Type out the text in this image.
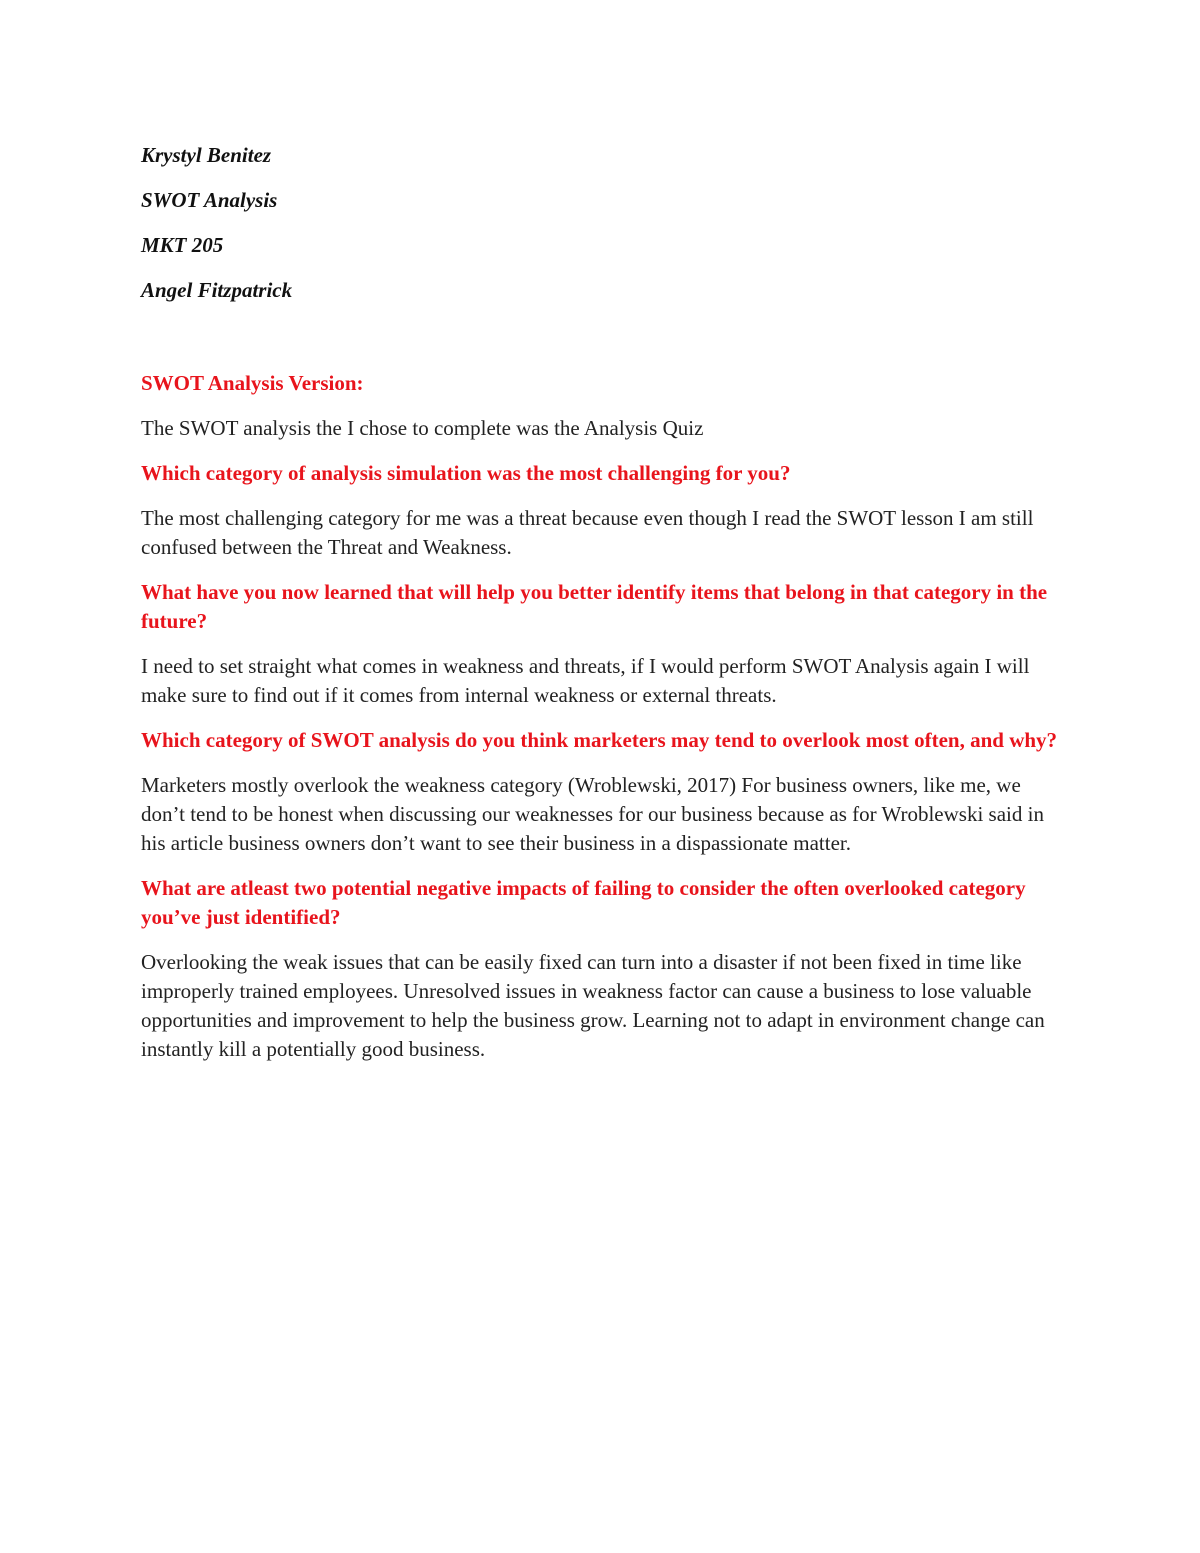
Krystyl Benitez

SWOT Analysis

MKT 205

Angel Fitzpatrick

SWOT Analysis Version:

The SWOT analysis the I chose to complete was the Analysis Quiz

Which category of analysis simulation was the most challenging for you?

The most challenging category for me was a threat because even though I read the SWOT lesson I am still confused between the Threat and Weakness.

What have you now learned that will help you better identify items that belong in that category in the future?

I need to set straight what comes in weakness and threats, if I would perform SWOT Analysis again I will make sure to find out if it comes from internal weakness or external threats.

Which category of SWOT analysis do you think marketers may tend to overlook most often, and why?

Marketers mostly overlook the weakness category (Wroblewski, 2017) For business owners, like me, we don’t tend to be honest when discussing our weaknesses for our business because as for Wroblewski said in his article business owners don’t want to see their business in a dispassionate matter.

What are atleast two potential negative impacts of failing to consider the often overlooked category you’ve just identified?

Overlooking the weak issues that can be easily fixed can turn into a disaster if not been fixed in time like improperly trained employees. Unresolved issues in weakness factor can cause a business to lose valuable opportunities and improvement to help the business grow. Learning not to adapt in environment change can instantly kill a potentially good business.
